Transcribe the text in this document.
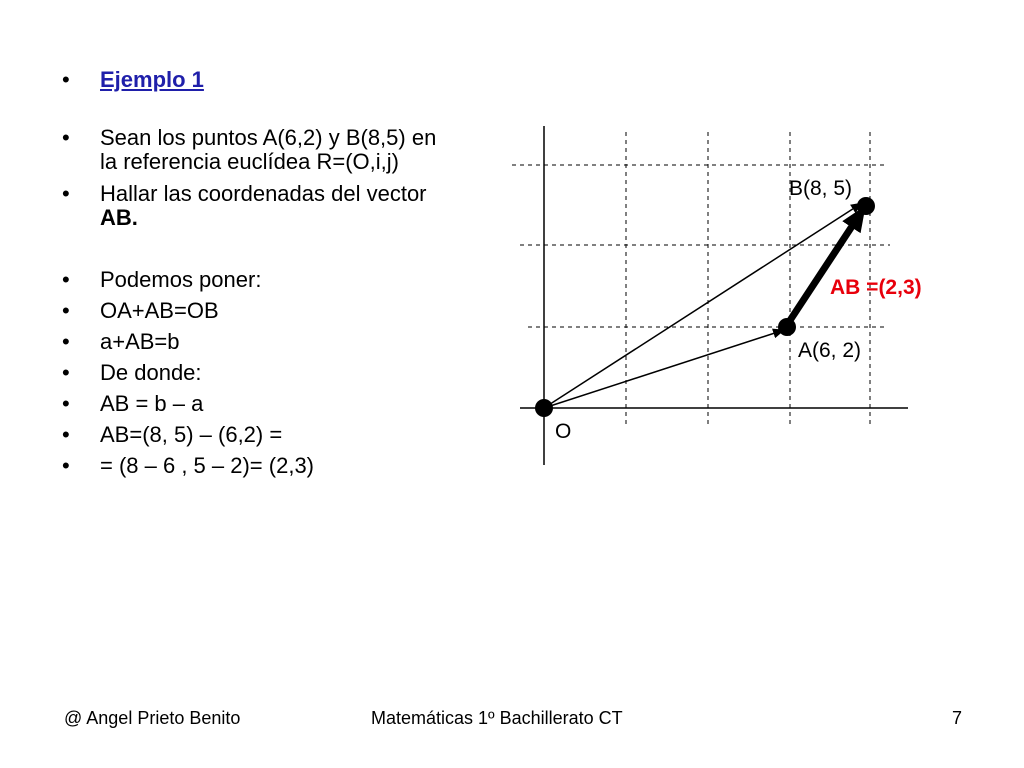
•	Ejemplo 1
•	Sean los puntos A(6,2) y B(8,5) en
la referencia euclídea R=(O,i,j)
•	Hallar las coordenadas del vector
AB.
•	Podemos poner:
•	OA+AB=OB
•	a+AB=b
•	De donde:
•	AB = b – a
•	AB=(8, 5) – (6,2) =
•	= (8 – 6 , 5 – 2)= (2,3)
O
A(6, 2)
B(8, 5)
AB =(2,3)
@ Angel Prieto Benito	Matemáticas 1º Bachillerato CT	7
